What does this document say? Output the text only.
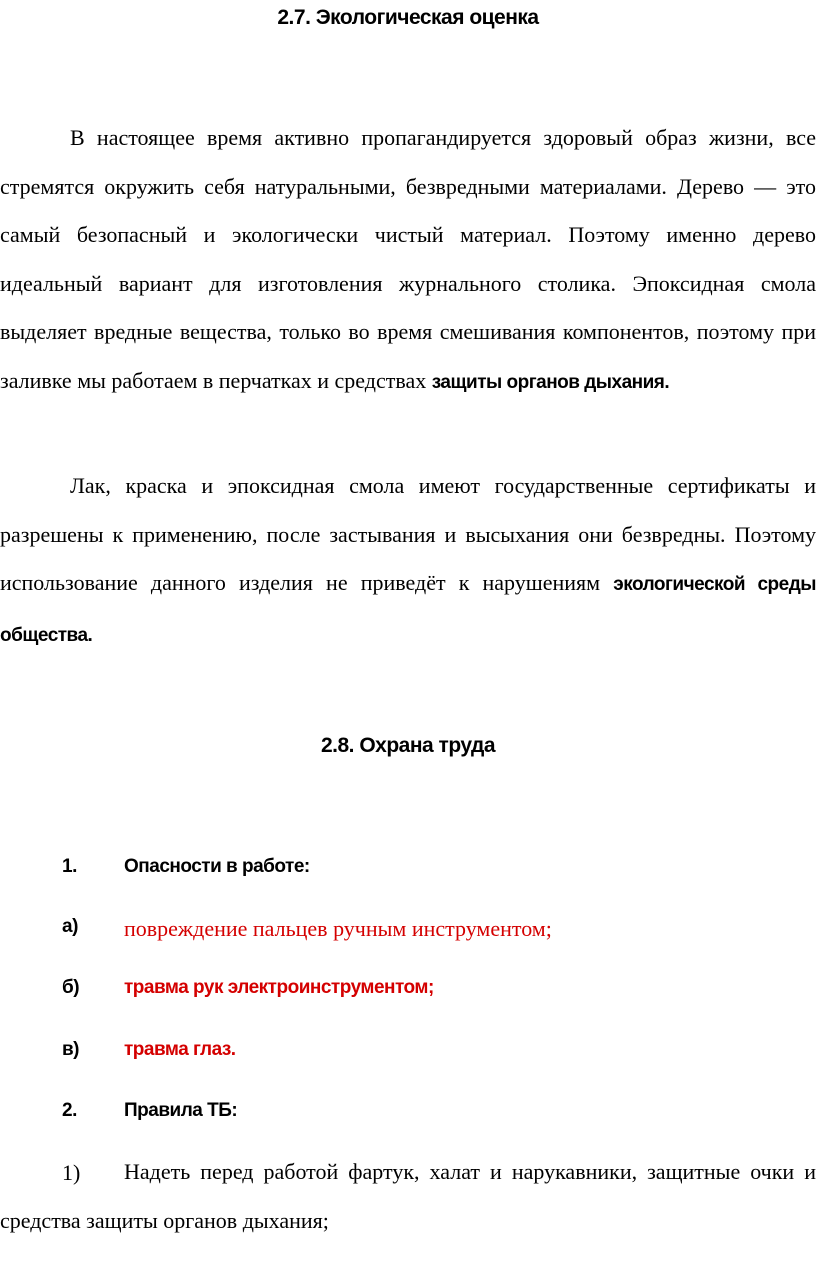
2.7. Экологическая оценка

В настоящее время активно пропагандируется здоровый образ жизни, все стремятся окружить себя натуральными, безвредными материалами. Дерево — это самый безопасный и экологически чистый материал. Поэтому именно дерево идеальный вариант для изготовления журнального столика. Эпоксидная смола выделяет вредные вещества, только во время смешивания компонентов, поэтому при заливке мы работаем в перчатках и средствах защиты органов дыхания.

Лак, краска и эпоксидная смола имеют государственные сертификаты и разрешены к применению, после застывания и высыхания они безвредны. Поэтому использование данного изделия не приведёт к нарушениям экологической среды общества.

2.8. Охрана труда
1. Опасности в работе:
а) повреждение пальцев ручным инструментом;
б) травма рук электроинструментом;
в) травма глаз.
2. Правила ТБ:
1)	Надеть перед работой фартук, халат и нарукавники, защитные очки и средства защиты органов дыхания;
